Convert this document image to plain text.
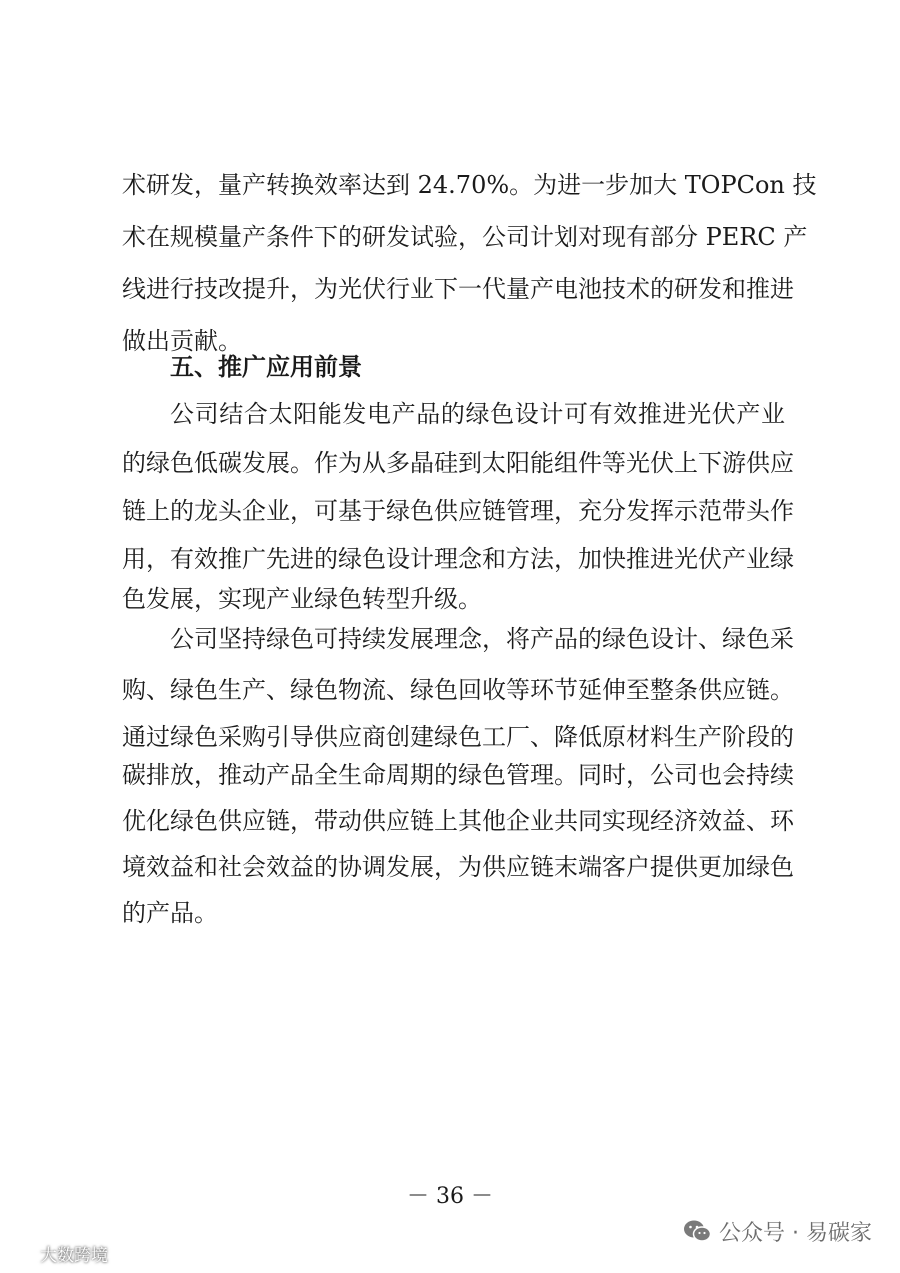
术研发，量产转换效率达到 24.70%。为进一步加大 TOPCon 技
术在规模量产条件下的研发试验，公司计划对现有部分 PERC 产
线进行技改提升，为光伏行业下一代量产电池技术的研发和推进
做出贡献。
五、推广应用前景
公司结合太阳能发电产品的绿色设计可有效推进光伏产业
的绿色低碳发展。作为从多晶硅到太阳能组件等光伏上下游供应
链上的龙头企业，可基于绿色供应链管理，充分发挥示范带头作
用，有效推广先进的绿色设计理念和方法，加快推进光伏产业绿
色发展，实现产业绿色转型升级。
公司坚持绿色可持续发展理念，将产品的绿色设计、绿色采
购、绿色生产、绿色物流、绿色回收等环节延伸至整条供应链。
通过绿色采购引导供应商创建绿色工厂、降低原材料生产阶段的
碳排放，推动产品全生命周期的绿色管理。同时，公司也会持续
优化绿色供应链，带动供应链上其他企业共同实现经济效益、环
境效益和社会效益的协调发展，为供应链末端客户提供更加绿色
的产品。
－ 36 －
公众号 · 易碳家
大数跨境
